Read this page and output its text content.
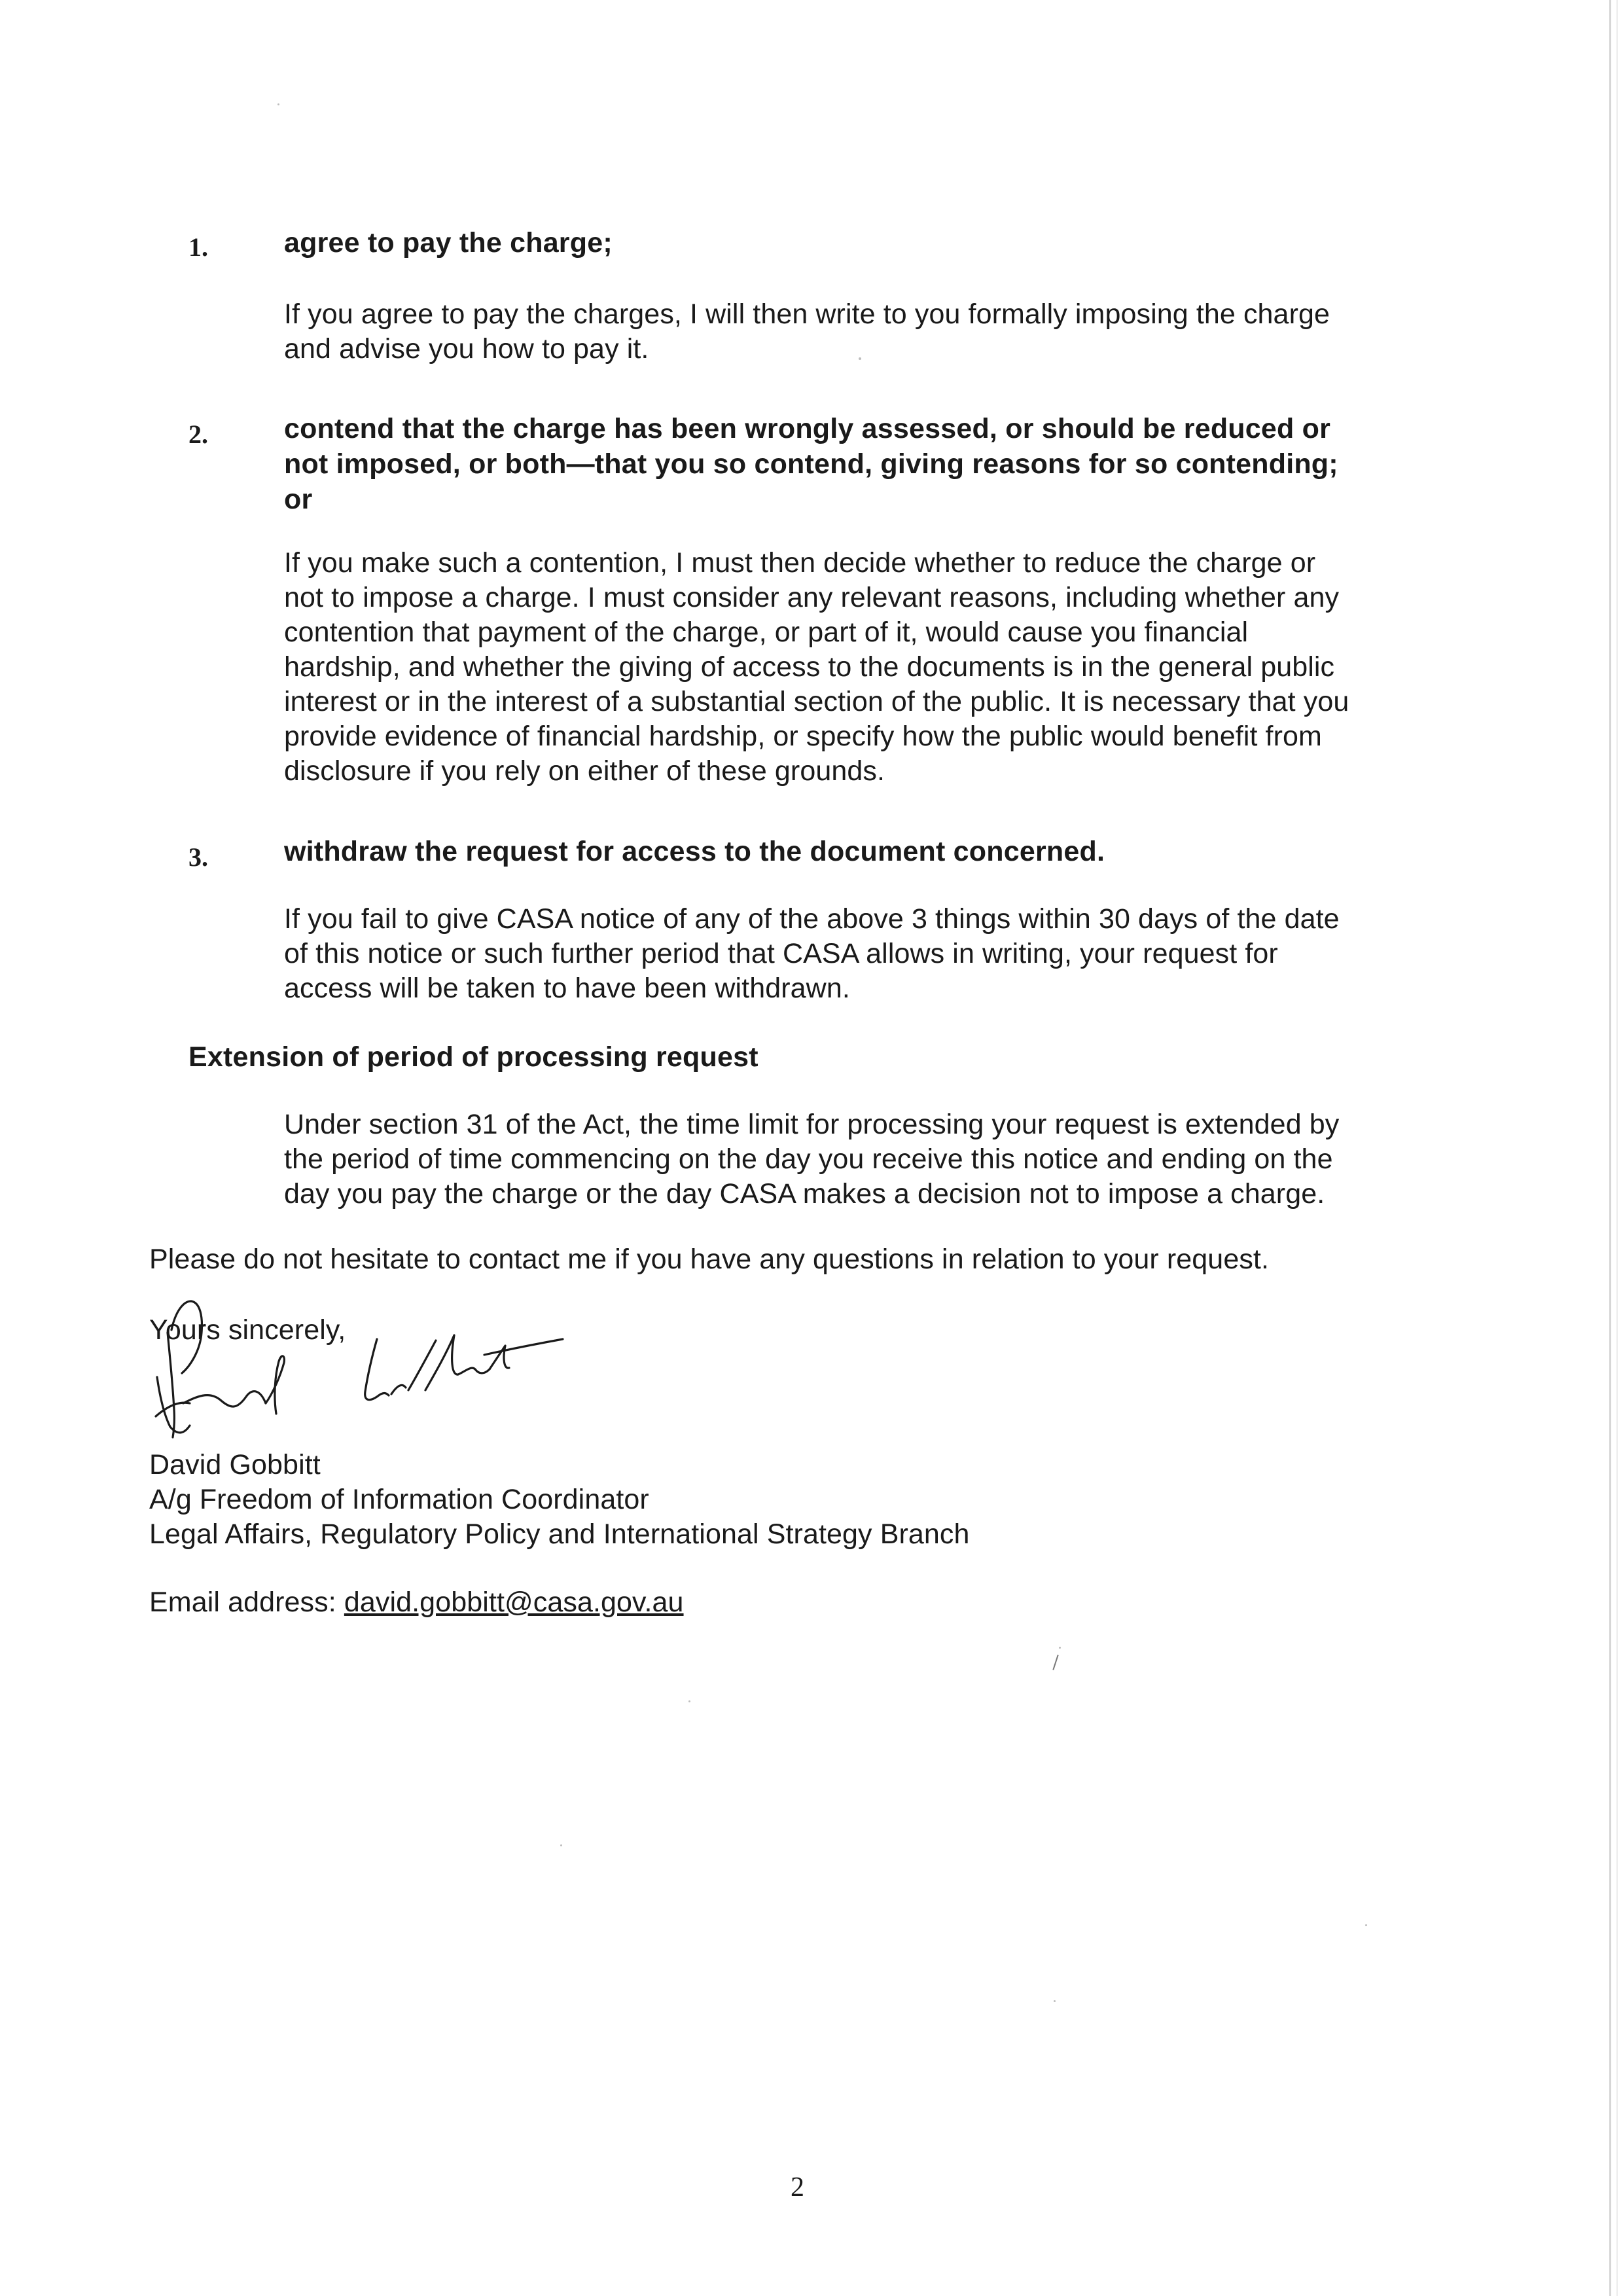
1.	agree to pay the charge;
If you agree to pay the charges, I will then write to you formally imposing the charge
and advise you how to pay it.
2.	contend that the charge has been wrongly assessed, or should be reduced or
not imposed, or both—that you so contend, giving reasons for so contending;
or
If you make such a contention, I must then decide whether to reduce the charge or
not to impose a charge. I must consider any relevant reasons, including whether any
contention that payment of the charge, or part of it, would cause you financial
hardship, and whether the giving of access to the documents is in the general public
interest or in the interest of a substantial section of the public. It is necessary that you
provide evidence of financial hardship, or specify how the public would benefit from
disclosure if you rely on either of these grounds.
3.	withdraw the request for access to the document concerned.
If you fail to give CASA notice of any of the above 3 things within 30 days of the date
of this notice or such further period that CASA allows in writing, your request for
access will be taken to have been withdrawn.
Extension of period of processing request
Under section 31 of the Act, the time limit for processing your request is extended by
the period of time commencing on the day you receive this notice and ending on the
day you pay the charge or the day CASA makes a decision not to impose a charge.
Please do not hesitate to contact me if you have any questions in relation to your request.
Yours sincerely,
David Gobbitt
A/g Freedom of Information Coordinator
Legal Affairs, Regulatory Policy and International Strategy Branch
Email address: david.gobbitt@casa.gov.au
2
